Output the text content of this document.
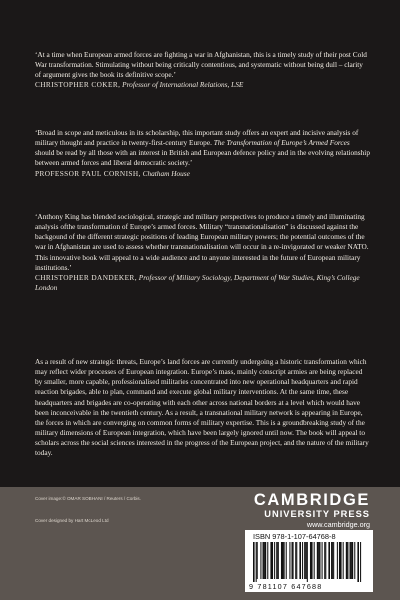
‘At a time when European armed forces are fighting a war in Afghanistan, this is a timely study of their post Cold War transformation. Stimulating without being critically contentious, and systematic without being dull – clarity of argument gives the book its definitive scope.’

CHRISTOPHER COKER, Professor of International Relations, LSE

‘Broad in scope and meticulous in its scholarship, this important study offers an expert and incisive analysis of military thought and practice in twenty-first-century Europe. The Transformation of Europe’s Armed Forces should be read by all those with an interest in British and European defence policy and in the evolving relationship between armed forces and liberal democratic society.’

PROFESSOR PAUL CORNISH, Chatham House

‘Anthony King has blended sociological, strategic and military perspectives to produce a timely and illuminating analysis ofthe transformation of Europe’s armed forces. Military “transnationalisation” is discussed against the backgound of the different strategic positions of leading European military powers; the potential outcomes of the war in Afghanistan are used to assess whether transnationalisation will occur in a re-invigorated or weaker NATO. This innovative book will appeal to a wide audience and to anyone interested in the future of European military institutions.’

CHRISTOPHER DANDEKER, Professor of Military Sociology, Department of War Studies, King’s College London

As a result of new strategic threats, Europe’s land forces are currently undergoing a historic transformation which may reflect wider processes of European integration. Europe’s mass, mainly conscript armies are being replaced by smaller, more capable, professionalised militaries concentrated into new operational headquarters and rapid reaction brigades, able to plan, command and execute global military interventions. At the same time, these headquarters and brigades are co-operating with each other across national borders at a level which would have been inconceivable in the twentieth century. As a result, a transnational military network is appearing in Europe, the forces in which are converging on common forms of military expertise. This is a groundbreaking study of the military dimensions of European integration, which have been largely ignored until now. The book will appeal to scholars across the social sciences interested in the progress of the European project, and the nature of the military today.

Cover image:© OMAR SOBHANI / Reuters / Corbis.
Cover designed by Hart McLeod Ltd

CAMBRIDGE

UNIVERSITY PRESS

www.cambridge.org

ISBN 978-1-107-64768-8
9 781107 647688
